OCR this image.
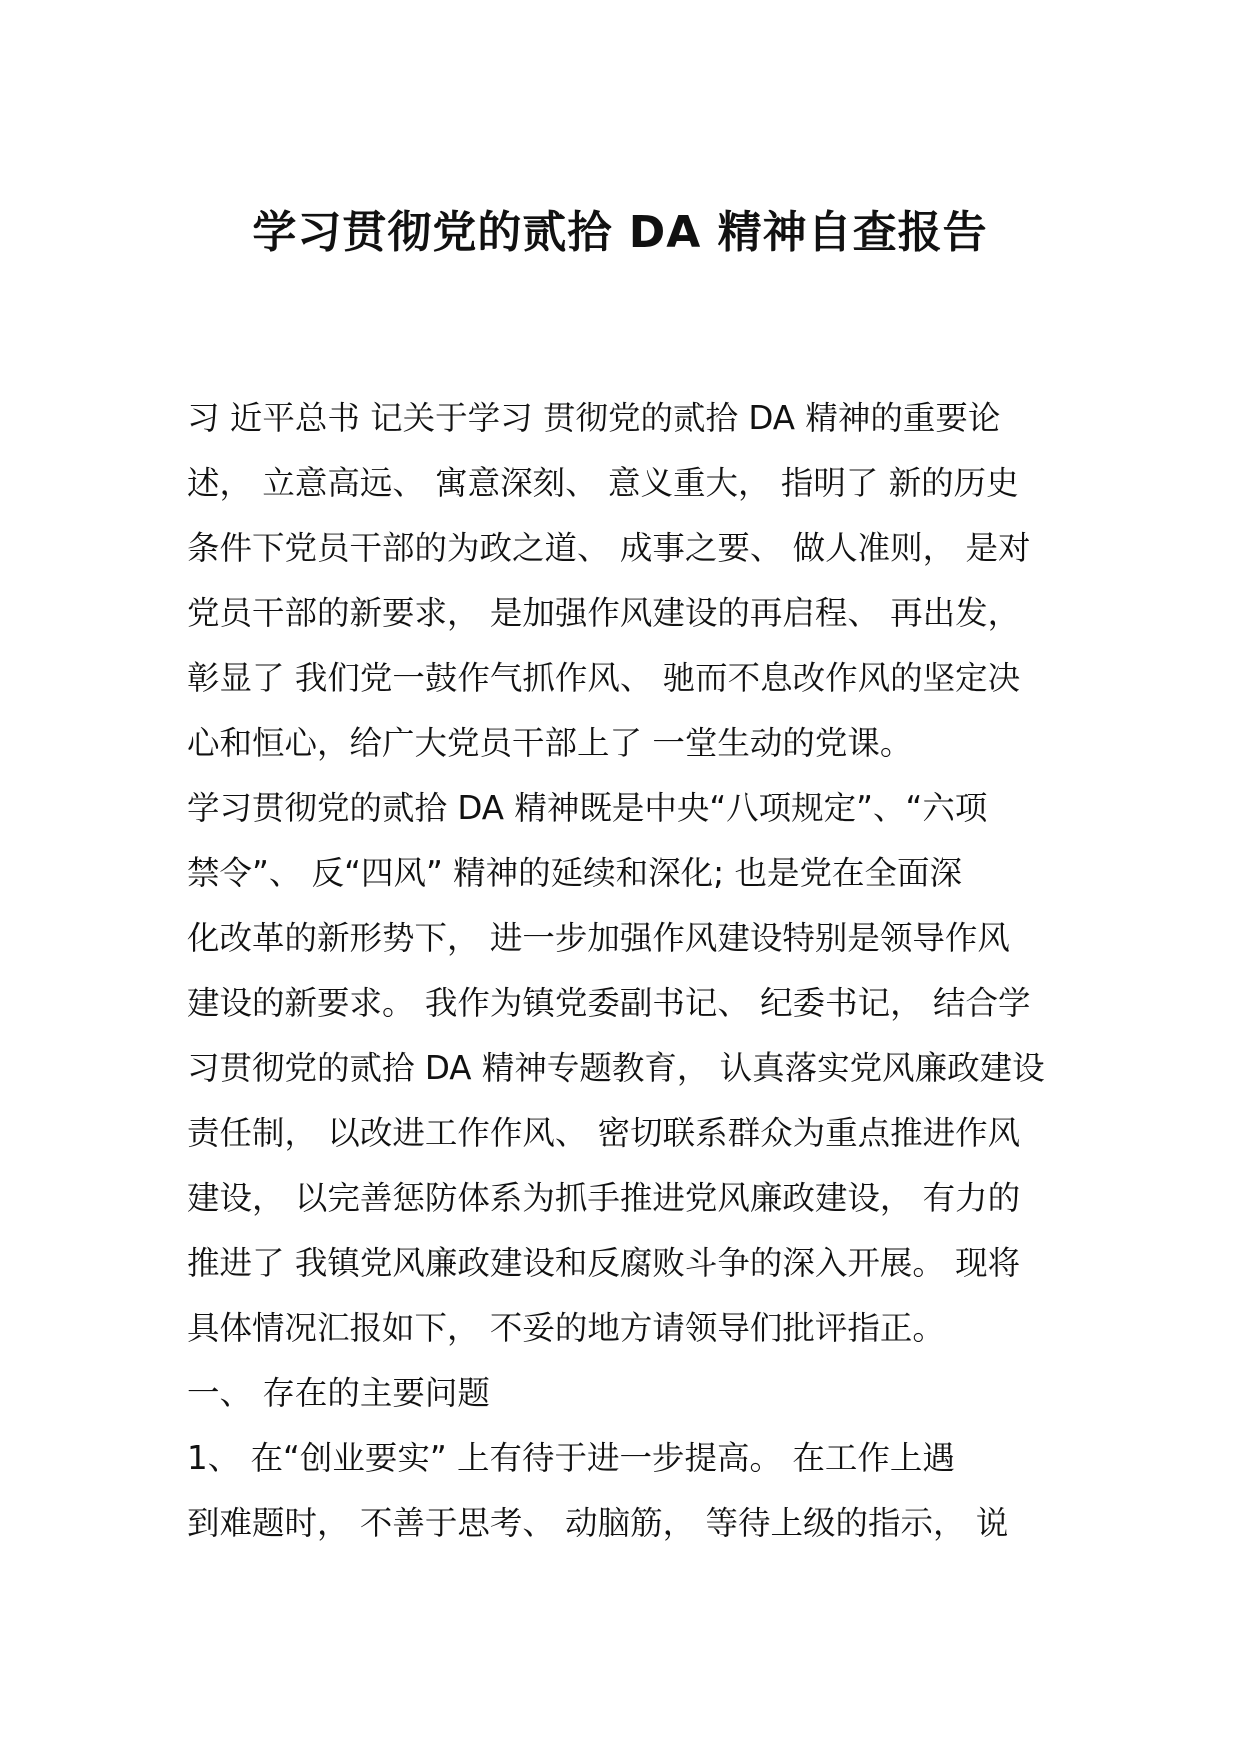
学习贯彻党的贰拾 DA 精神自查报告
习 近平总书 记关于学习 贯彻党的贰拾 DA 精神的重要论
述， 立意高远、 寓意深刻、 意义重大， 指明了 新的历史
条件下党员干部的为政之道、 成事之要、 做人准则， 是对
党员干部的新要求， 是加强作风建设的再启程、 再出发，
彰显了 我们党一鼓作气抓作风、 驰而不息改作风的坚定决
心和恒心，给广大党员干部上了 一堂生动的党课。
学习贯彻党的贰拾 DA 精神既是中央“八项规定”、“六项
禁令”、 反“四风” 精神的延续和深化; 也是党在全面深
化改革的新形势下， 进一步加强作风建设特别是领导作风
建设的新要求。 我作为镇党委副书记、 纪委书记， 结合学
习贯彻党的贰拾 DA 精神专题教育， 认真落实党风廉政建设
责任制， 以改进工作作风、 密切联系群众为重点推进作风
建设， 以完善惩防体系为抓手推进党风廉政建设， 有力的
推进了 我镇党风廉政建设和反腐败斗争的深入开展。 现将
具体情况汇报如下， 不妥的地方请领导们批评指正。
一、 存在的主要问题
1、 在“创业要实” 上有待于进一步提高。 在工作上遇
到难题时， 不善于思考、 动脑筋， 等待上级的指示， 说
